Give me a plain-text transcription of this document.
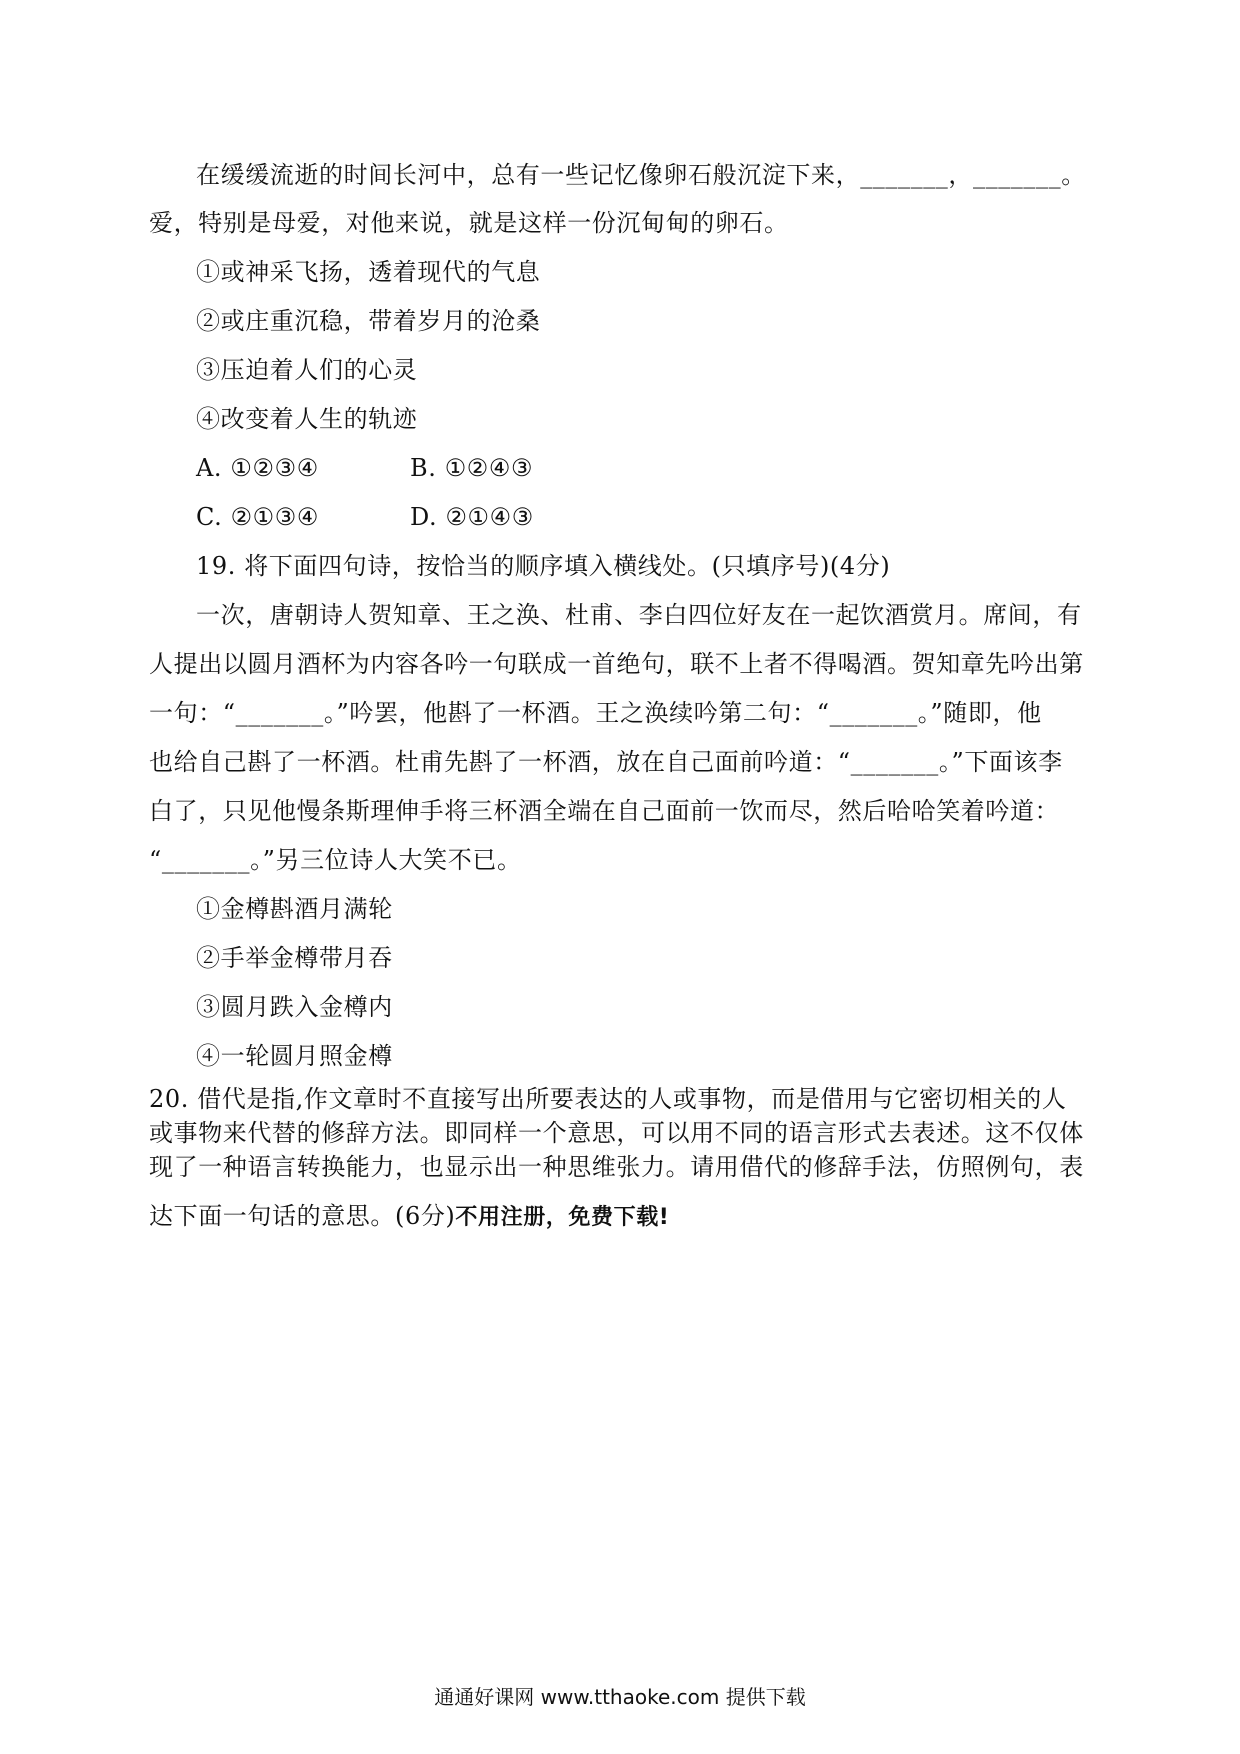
在缓缓流逝的时间长河中，总有一些记忆像卵石般沉淀下来，_______，_______。
爱，特别是母爱，对他来说，就是这样一份沉甸甸的卵石。
①或神采飞扬，透着现代的气息
②或庄重沉稳，带着岁月的沧桑
③压迫着人们的心灵
④改变着人生的轨迹
A. ①②③④	B. ①②④③
C. ②①③④	D. ②①④③
19. 将下面四句诗，按恰当的顺序填入横线处。(只填序号)(4分)
一次，唐朝诗人贺知章、王之涣、杜甫、李白四位好友在一起饮酒赏月。席间，有
人提出以圆月酒杯为内容各吟一句联成一首绝句，联不上者不得喝酒。贺知章先吟出第
一句：“_______。”吟罢，他斟了一杯酒。王之涣续吟第二句：“_______。”随即，他
也给自己斟了一杯酒。杜甫先斟了一杯酒，放在自己面前吟道：“_______。”下面该李
白了，只见他慢条斯理伸手将三杯酒全端在自己面前一饮而尽，然后哈哈笑着吟道：
“_______。”另三位诗人大笑不已。
①金樽斟酒月满轮
②手举金樽带月吞
③圆月跌入金樽内
④一轮圆月照金樽
20. 借代是指,作文章时不直接写出所要表达的人或事物，而是借用与它密切相关的人
或事物来代替的修辞方法。即同样一个意思，可以用不同的语言形式去表述。这不仅体
现了一种语言转换能力，也显示出一种思维张力。请用借代的修辞手法，仿照例句，表
达下面一句话的意思。(6分)不用注册，免费下载!
通通好课网 www.tthaoke.com 提供下载
